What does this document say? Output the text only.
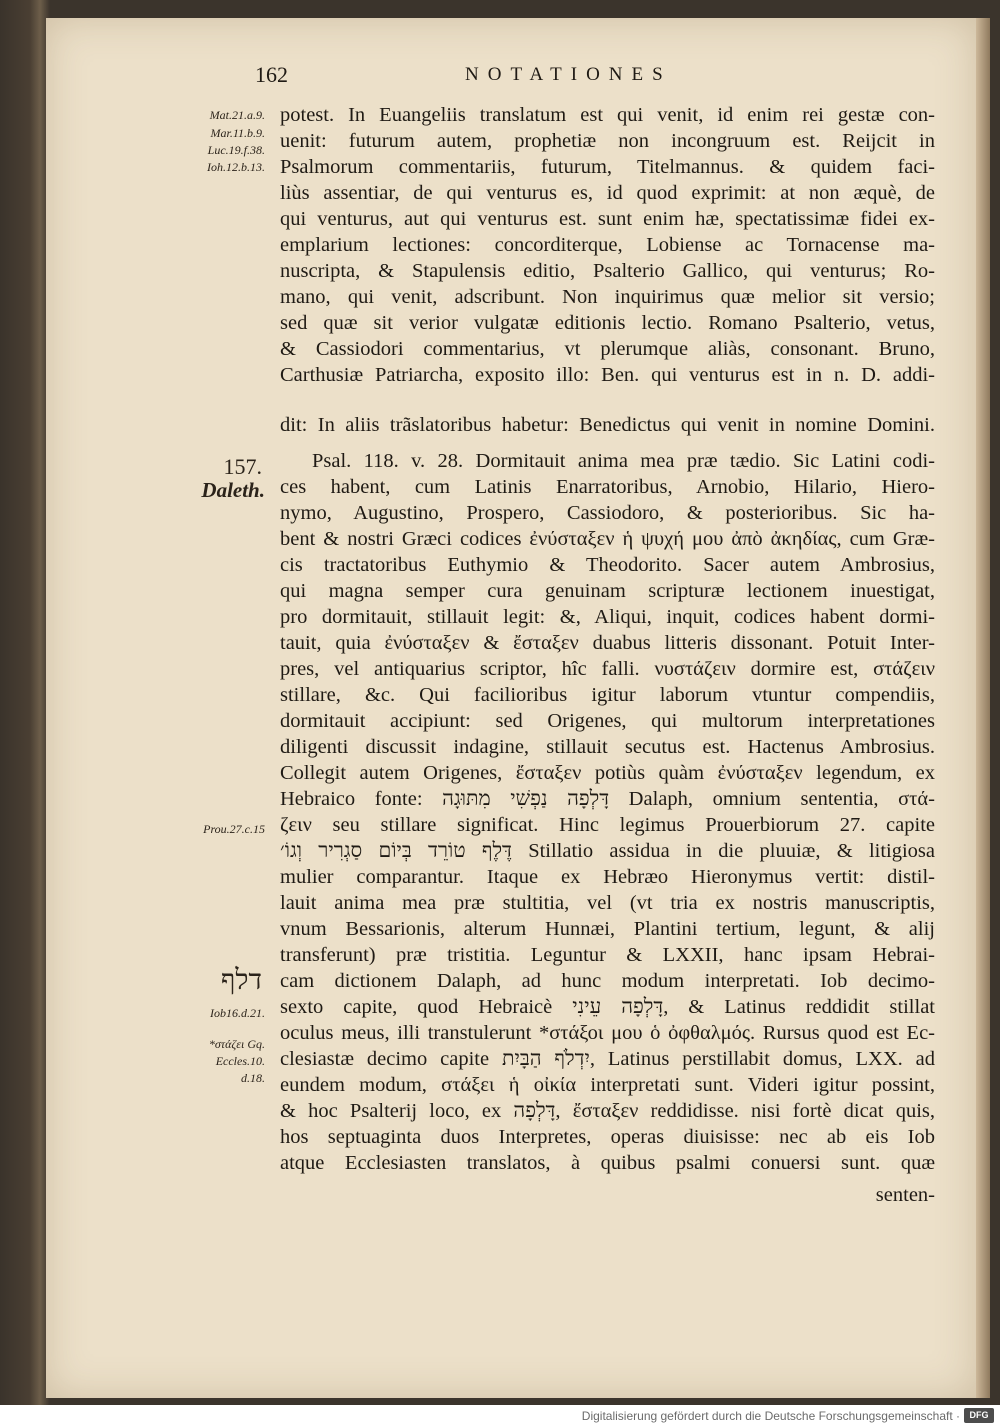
162	NOTATIONES
Mat.21.a.9.
Mar.11.b.9.
Luc.19.f.38.
Ioh.12.b.13.
157.
Daleth.
Prou.27.c.15
דלף
Iob16.d.21.
*στάζει Gq.
Eccles.10.
d.18.
potest. In Euangeliis translatum est qui venit, id enim rei gestæ con-
uenit: futurum autem, prophetiæ non incongruum est. Reijcit in
Psalmorum commentariis, futurum, Titelmannus. & quidem faci-
liùs assentiar, de qui venturus es, id quod exprimit: at non æquè, de
qui venturus, aut qui venturus est. sunt enim hæ, spectatissimæ fidei ex-
emplarium lectiones: concorditerque, Lobiense ac Tornacense ma-
nuscripta, & Stapulensis editio, Psalterio Gallico, qui venturus; Ro-
mano, qui venit, adscribunt. Non inquirimus quæ melior sit versio;
sed quæ sit verior vulgatæ editionis lectio. Romano Psalterio, vetus,
& Cassiodori commentarius, vt plerumque aliàs, consonant. Bruno,
Carthusiæ Patriarcha, exposito illo: Ben. qui venturus est in n. D. addi-
dit: In aliis trãslatoribus habetur: Benedictus qui venit in nomine Domini.
Psal. 118. v. 28. Dormitauit anima mea præ tædio. Sic Latini codi-
ces habent, cum Latinis Enarratoribus, Arnobio, Hilario, Hiero-
nymo, Augustino, Prospero, Cassiodoro, & posterioribus. Sic ha-
bent & nostri Græci codices ἐνύσταξεν ἡ ψυχή μου ἀπὸ ἀκηδίας, cum Græ-
cis tractatoribus Euthymio & Theodorito. Sacer autem Ambrosius,
qui magna semper cura genuinam scripturæ lectionem inuestigat,
pro dormitauit, stillauit legit: &, Aliqui, inquit, codices habent dormi-
tauit, quia ἐνύσταξεν & ἔσταξεν duabus litteris dissonant. Potuit Inter-
pres, vel antiquarius scriptor, hîc falli. νυστάζειν dormire est, στάζειν
stillare, &c. Qui facilioribus igitur laborum vtuntur compendiis,
dormitauit accipiunt: sed Origenes, qui multorum interpretationes
diligenti discussit indagine, stillauit secutus est. Hactenus Ambrosius.
Collegit autem Origenes, ἔσταξεν potiùs quàm ἐνύσταξεν legendum, ex
Hebraico fonte: דָּלְפָה נַפְשִׁי מִתּוּגָה Dalaph, omnium sententia, στά-
ζειν seu stillare significat. Hinc legimus Prouerbiorum 27. capite
דֶּלֶף טוֹרֵד בְּיוֹם סַגְרִיר וְגוֹ׳ Stillatio assidua in die pluuiæ, & litigiosa
mulier comparantur. Itaque ex Hebræo Hieronymus vertit: distil-
lauit anima mea præ stultitia, vel (vt tria ex nostris manuscriptis,
vnum Bessarionis, alterum Hunnæi, Plantini tertium, legunt, & alij
transferunt) præ tristitia. Leguntur & LXXII, hanc ipsam Hebrai-
cam dictionem Dalaph, ad hunc modum interpretati. Iob decimo-
sexto capite, quod Hebraicè דָּלְפָה עֵינִי, & Latinus reddidit stillat
oculus meus, illi transtulerunt *στάξοι μου ὁ ὀφθαλμός. Rursus quod est Ec-
clesiastæ decimo capite יִדְלֹף הַבָּיִת, Latinus perstillabit domus, LXX. ad
eundem modum, στάξει ἡ οἰκία interpretati sunt. Videri igitur possint,
& hoc Psalterij loco, ex דָּלְפָה, ἔσταξεν reddidisse. nisi fortè dicat quis,
hos septuaginta duos Interpretes, operas diuisisse: nec ab eis Iob
atque Ecclesiasten translatos, à quibus psalmi conuersi sunt. quæ
senten-
Digitalisierung gefördert durch die Deutsche Forschungsgemeinschaft ·	DFG
